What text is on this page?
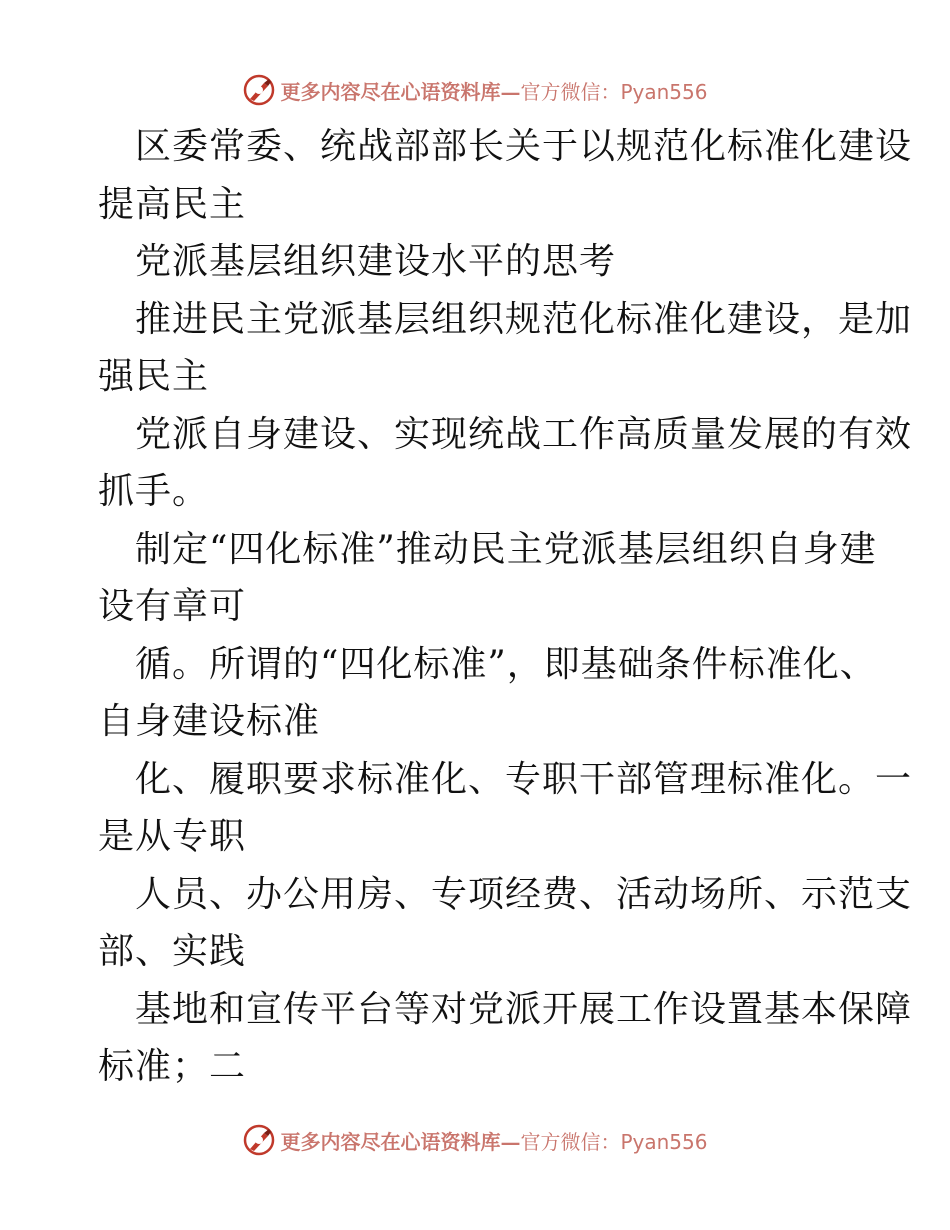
更多内容尽在心语资料库— 官方微信：Pyan556
区委常委、统战部部长关于以规范化标准化建设
提高民主
党派基层组织建设水平的思考
推进民主党派基层组织规范化标准化建设，是加
强民主
党派自身建设、实现统战工作高质量发展的有效
抓手。
制定“四化标准”推动民主党派基层组织自身建
设有章可
循。所谓的“四化标准”，即基础条件标准化、
自身建设标准
化、履职要求标准化、专职干部管理标准化。一
是从专职
人员、办公用房、专项经费、活动场所、示范支
部、实践
基地和宣传平台等对党派开展工作设置基本保障
标准；二
更多内容尽在心语资料库— 官方微信：Pyan556
